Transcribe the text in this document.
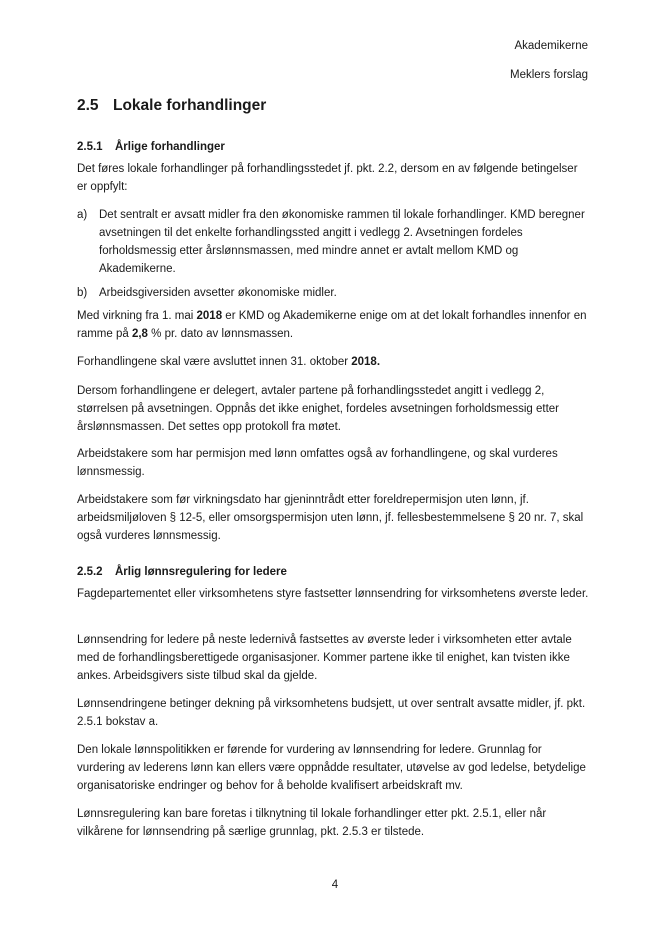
Akademikerne
Meklers forslag
2.5 Lokale forhandlinger
2.5.1 Årlige forhandlinger

Det føres lokale forhandlinger på forhandlingsstedet jf. pkt. 2.2, dersom en av følgende betingelser er oppfylt:

a) Det sentralt er avsatt midler fra den økonomiske rammen til lokale forhandlinger. KMD beregner avsetningen til det enkelte forhandlingssted angitt i vedlegg 2. Avsetningen fordeles forholdsmessig etter årslønnsmassen, med mindre annet er avtalt mellom KMD og Akademikerne.
b) Arbeidsgiversiden avsetter økonomiske midler.

Med virkning fra 1. mai 2018 er KMD og Akademikerne enige om at det lokalt forhandles innenfor en ramme på 2,8 % pr. dato av lønnsmassen.

Forhandlingene skal være avsluttet innen 31. oktober 2018.

Dersom forhandlingene er delegert, avtaler partene på forhandlingsstedet angitt i vedlegg 2, størrelsen på avsetningen. Oppnås det ikke enighet, fordeles avsetningen forholdsmessig etter årslønnsmassen. Det settes opp protokoll fra møtet.

Arbeidstakere som har permisjon med lønn omfattes også av forhandlingene, og skal vurderes lønnsmessig.

Arbeidstakere som før virkningsdato har gjeninntrådt etter foreldrepermisjon uten lønn, jf. arbeidsmiljøloven § 12-5, eller omsorgspermisjon uten lønn, jf. fellesbestemmelsene § 20 nr. 7, skal også vurderes lønnsmessig.

2.5.2 Årlig lønnsregulering for ledere

Fagdepartementet eller virksomhetens styre fastsetter lønnsendring for virksomhetens øverste leder.

Lønnsendring for ledere på neste ledernivå fastsettes av øverste leder i virksomheten etter avtale med de forhandlingsberettigede organisasjoner. Kommer partene ikke til enighet, kan tvisten ikke ankes. Arbeidsgivers siste tilbud skal da gjelde.

Lønnsendringene betinger dekning på virksomhetens budsjett, ut over sentralt avsatte midler, jf. pkt. 2.5.1 bokstav a.

Den lokale lønnspolitikken er førende for vurdering av lønnsendring for ledere. Grunnlag for vurdering av lederens lønn kan ellers være oppnådde resultater, utøvelse av god ledelse, betydelige organisatoriske endringer og behov for å beholde kvalifisert arbeidskraft mv.

Lønnsregulering kan bare foretas i tilknytning til lokale forhandlinger etter pkt. 2.5.1, eller når vilkårene for lønnsendring på særlige grunnlag, pkt. 2.5.3 er tilstede.

4
